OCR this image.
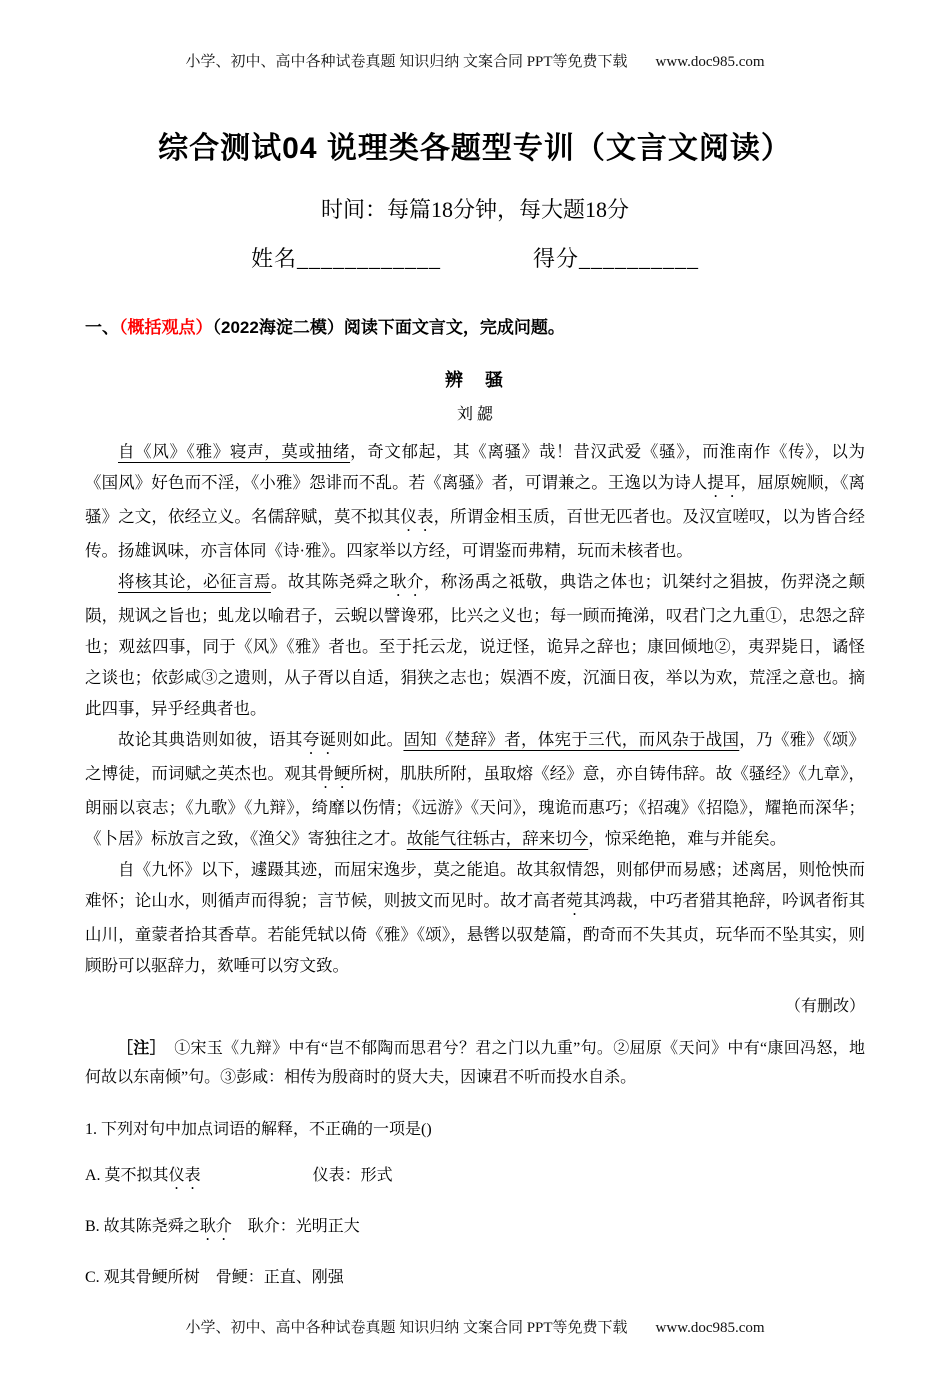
小学、初中、高中各种试卷真题 知识归纳 文案合同 PPT等免费下载 www.doc985.com
综合测试04 说理类各题型专训（文言文阅读）
时间：每篇18分钟，每大题18分
姓名____________　　　　得分__________
一、（概括观点）（2022海淀二模）阅读下面文言文，完成问题。
辨　骚
刘 勰

自《风》《雅》寝声，莫或抽绪，奇文郁起，其《离骚》哉！昔汉武爱《骚》，而淮南作《传》，以为《国风》好色而不淫，《小雅》怨诽而不乱。若《离骚》者，可谓兼之。王逸以为诗人提耳，屈原婉顺，《离骚》之文，依经立义。名儒辞赋，莫不拟其仪表，所谓金相玉质，百世无匹者也。及汉宣嗟叹，以为皆合经传。扬雄讽味，亦言体同《诗·雅》。四家举以方经，可谓鉴而弗精，玩而未核者也。

将核其论，必征言焉。故其陈尧舜之耿介，称汤禹之祗敬，典诰之体也；讥桀纣之猖披，伤羿浇之颠陨，规讽之旨也；虬龙以喻君子，云蜺以譬谗邪，比兴之义也；每一顾而掩涕，叹君门之九重①，忠怨之辞也；观兹四事，同于《风》《雅》者也。至于托云龙，说迂怪，诡异之辞也；康回倾地②，夷羿毙日，谲怪之谈也；依彭咸③之遗则，从子胥以自适，狷狭之志也；娱酒不废，沉湎日夜，举以为欢，荒淫之意也。摘此四事，异乎经典者也。

故论其典诰则如彼，语其夸诞则如此。固知《楚辞》者，体宪于三代，而风杂于战国，乃《雅》《颂》之博徒，而词赋之英杰也。观其骨鲠所树，肌肤所附，虽取熔《经》意，亦自铸伟辞。故《骚经》《九章》，朗丽以哀志；《九歌》《九辩》，绮靡以伤情；《远游》《天问》，瑰诡而惠巧；《招魂》《招隐》，耀艳而深华；《卜居》标放言之致，《渔父》寄独往之才。故能气往轹古，辞来切今，惊采绝艳，难与并能矣。

自《九怀》以下，遽蹑其迹，而屈宋逸步，莫之能追。故其叙情怨，则郁伊而易感；述离居，则怆怏而难怀；论山水，则循声而得貌；言节候，则披文而见时。故才高者菀其鸿裁，中巧者猎其艳辞，吟讽者衔其山川，童蒙者拾其香草。若能凭轼以倚《雅》《颂》，悬辔以驭楚篇，酌奇而不失其贞，玩华而不坠其实，则顾盼可以驱辞力，欬唾可以穷文致。

（有删改）
［注］　①宋玉《九辩》中有“岂不郁陶而思君兮？君之门以九重”句。②屈原《天问》中有“康回冯怒，地何故以东南倾”句。③彭咸：相传为殷商时的贤大夫，因谏君不听而投水自杀。
1. 下列对句中加点词语的解释，不正确的一项是()
A. 莫不拟其仪表　　　　　　　仪表：形式
B. 故其陈尧舜之耿介　耿介：光明正大
C. 观其骨鲠所树　 骨鲠：正直、刚强
小学、初中、高中各种试卷真题 知识归纳 文案合同 PPT等免费下载 www.doc985.com
